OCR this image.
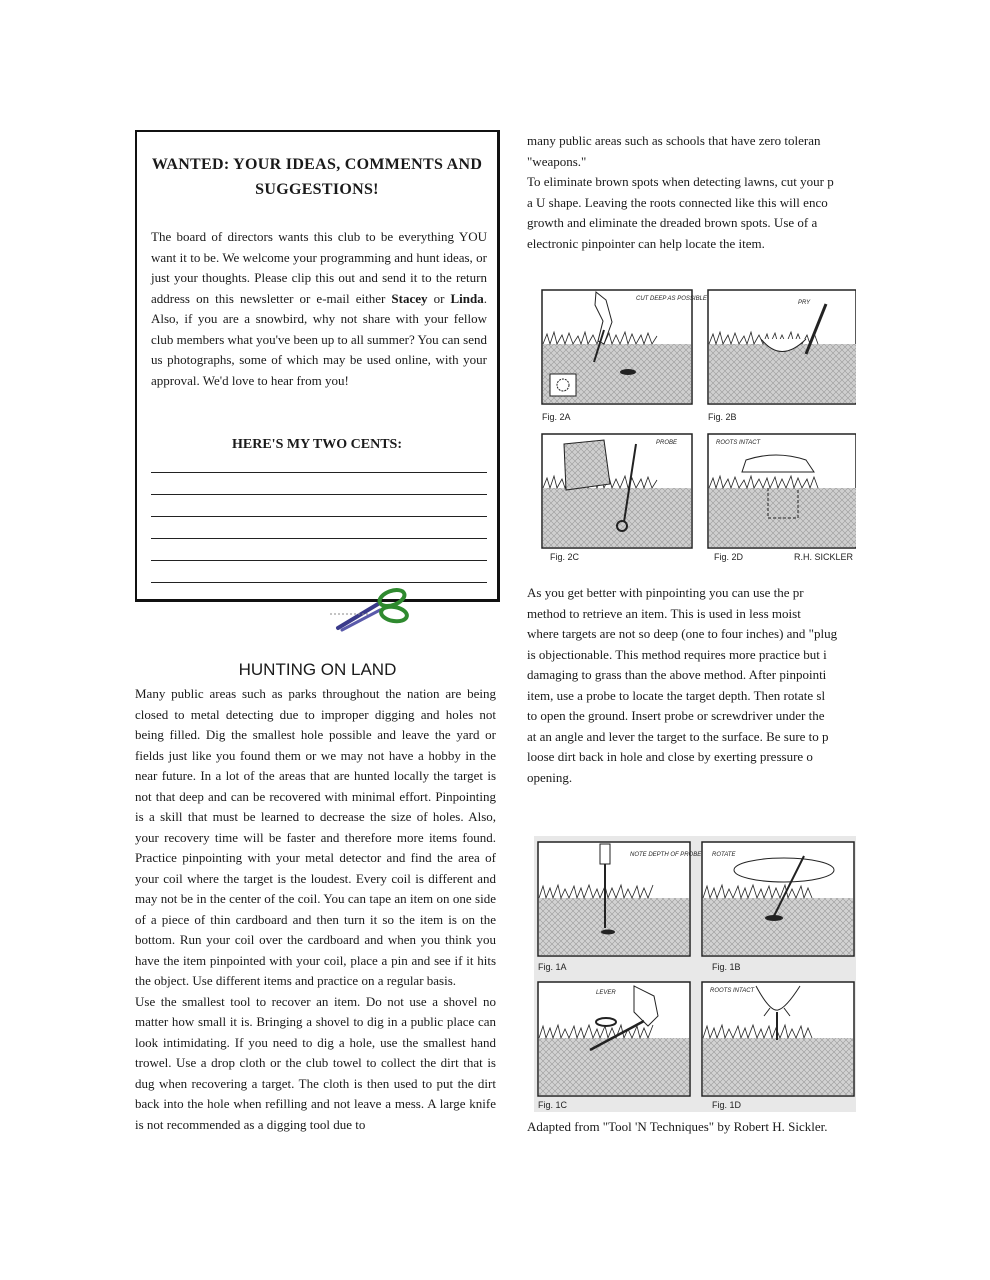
WANTED: YOUR IDEAS, COMMENTS AND
SUGGESTIONS!

The board of directors wants this club to be everything YOU want it to be. We welcome your programming and hunt ideas, or just your thoughts. Please clip this out and send it to the return address on this newsletter or e-mail either Stacey or Linda. Also, if you are a snowbird, why not share with your fellow club members what you've been up to all summer? You can send us photographs, some of which may be used online, with your approval. We'd love to hear from you!

HERE'S MY TWO CENTS:
HUNTING ON LAND

Many public areas such as parks throughout the nation are being closed to metal detecting due to improper digging and holes not being filled. Dig the smallest hole possible and leave the yard or fields just like you found them or we may not have a hobby in the near future. In a lot of the areas that are hunted locally the target is not that deep and can be recovered with minimal effort. Pinpointing is a skill that must be learned to decrease the size of holes. Also, your recovery time will be faster and therefore more items found. Practice pinpointing with your metal detector and find the area of your coil where the target is the loudest. Every coil is different and may not be in the center of the coil. You can tape an item on one side of a piece of thin cardboard and then turn it so the item is on the bottom. Run your coil over the cardboard and when you think you have the item pinpointed with your coil, place a pin and see if it hits the object. Use different items and practice on a regular basis.

Use the smallest tool to recover an item. Do not use a shovel no matter how small it is. Bringing a shovel to dig in a public place can look intimidating. If you need to dig a hole, use the smallest hand trowel. Use a drop cloth or the club towel to collect the dirt that is dug when recovering a target. The cloth is then used to put the dirt back into the hole when refilling and not leave a mess. A large knife is not recommended as a digging tool due to

many public areas such as schools that have zero toleran
"weapons."
To eliminate brown spots when detecting lawns, cut your p
a U shape. Leaving the roots connected like this will enco
growth and eliminate the dreaded brown spots. Use of a
electronic pinpointer can help locate the item.
CUT DEEP AS POSSIBLE
Fig. 2A
PRY
Fig. 2B
PROBE
Fig. 2C
ROOTS INTACT
Fig. 2D	R.H. SICKLER
As you get better with pinpointing you can use the pr
method to retrieve an item. This is used in less moist
where targets are not so deep (one to four inches) and "plug
is objectionable. This method requires more practice but i
damaging to grass than the above method. After pinpointi
item, use a probe to locate the target depth. Then rotate sl
to open the ground. Insert probe or screwdriver under the
at an angle and lever the target to the surface. Be sure to p
loose dirt back in hole and close by exerting pressure o
opening.
NOTE DEPTH OF PROBE
Fig. 1A
ROTATE
Fig. 1B
LEVER
Fig. 1C
ROOTS INTACT
Fig. 1D
Adapted from "Tool 'N Techniques" by Robert H. Sickler.
